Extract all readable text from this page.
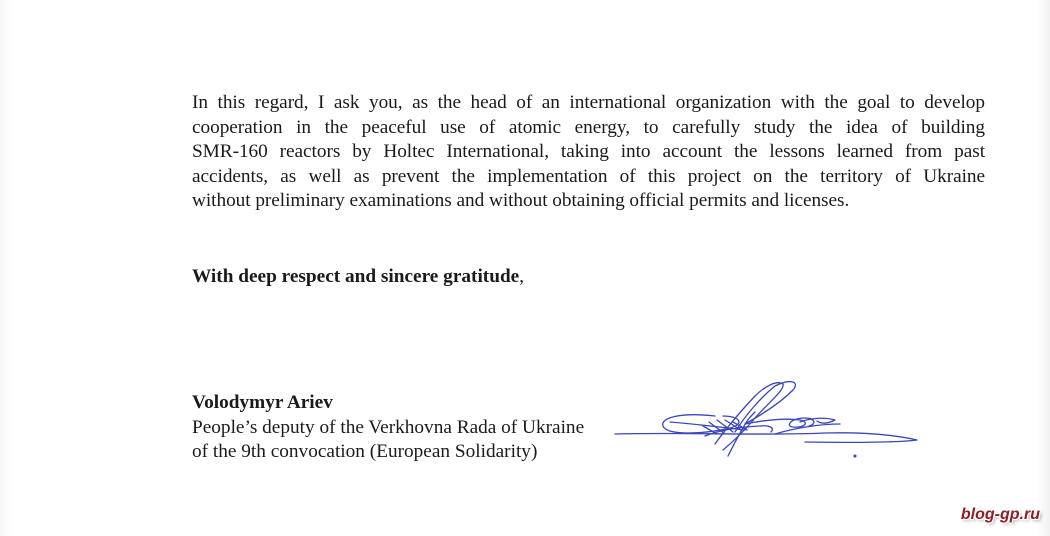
In this regard, I ask you, as the head of an international organization with the goal to develop
cooperation in the peaceful use of atomic energy, to carefully study the idea of building
SMR-160 reactors by Holtec International, taking into account the lessons learned from past
accidents, as well as prevent the implementation of this project on the territory of Ukraine
without preliminary examinations and without obtaining official permits and licenses.

With deep respect and sincere gratitude,

Volodymyr Ariev
People’s deputy of the Verkhovna Rada of Ukraine
of the 9th convocation (European Solidarity)

blog-gp.ru
